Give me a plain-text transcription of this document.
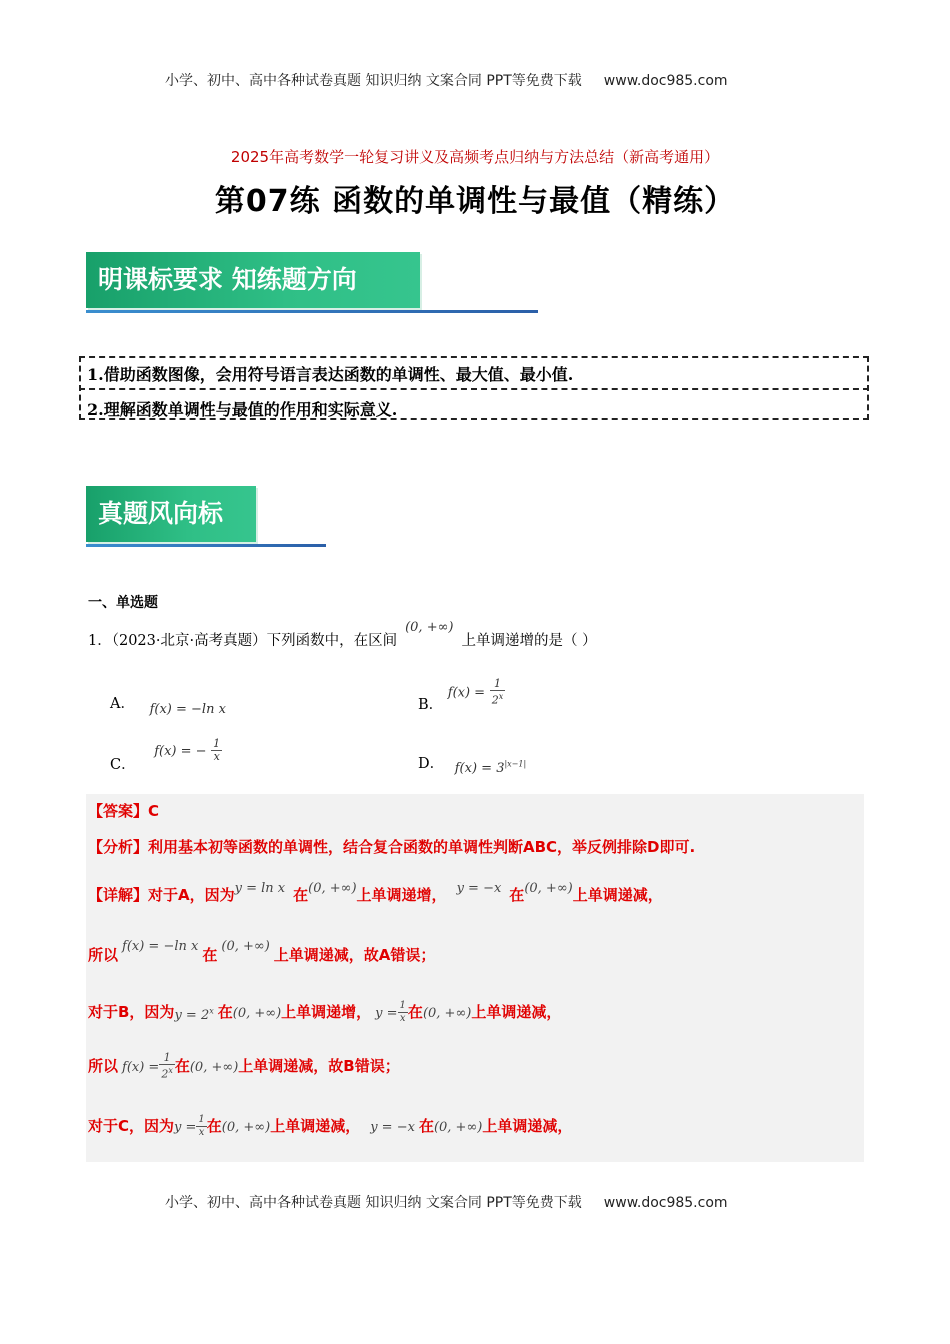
小学、初中、高中各种试卷真题 知识归纳 文案合同 PPT等免费下载 www.doc985.com
2025年高考数学一轮复习讲义及高频考点归纳与方法总结（新高考通用）
第07练 函数的单调性与最值（精练）
明课标要求 知练题方向
1.借助函数图像，会用符号语言表达函数的单调性、最大值、最小值.
2.理解函数单调性与最值的作用和实际意义.
真题风向标
一、单选题
1．（2023·北京·高考真题）下列函数中，在区间(0, +∞)上单调递增的是（ ）
A． f(x) = −ln x	B． $f(x) = \frac{1}{2^x}$
C． f(x) = − $\frac{1}{x}$
D． $f(x) = 3^{|x-1|}$
【答案】C
【分析】利用基本初等函数的单调性，结合复合函数的单调性判断ABC，举反例排除D即可.
【详解】对于A，因为y = ln x 在(0, +∞)上单调递增， y = −x 在(0, +∞)上单调递减，
所以 f(x) = −ln x 在 (0, +∞) 上单调递减，故A错误；
对于B，因为$y = 2^x$ 在(0, +∞)上单调递增， $y = \frac{1}{x}$ 在(0, +∞)上单调递减，
所以 $f(x) = \frac{1}{2^x}$ 在(0, +∞)上单调递减，故B错误；
对于C，因为$y = \frac{1}{x}$ 在(0, +∞)上单调递减， y = −x 在(0, +∞)上单调递减，
小学、初中、高中各种试卷真题 知识归纳 文案合同 PPT等免费下载 www.doc985.com
